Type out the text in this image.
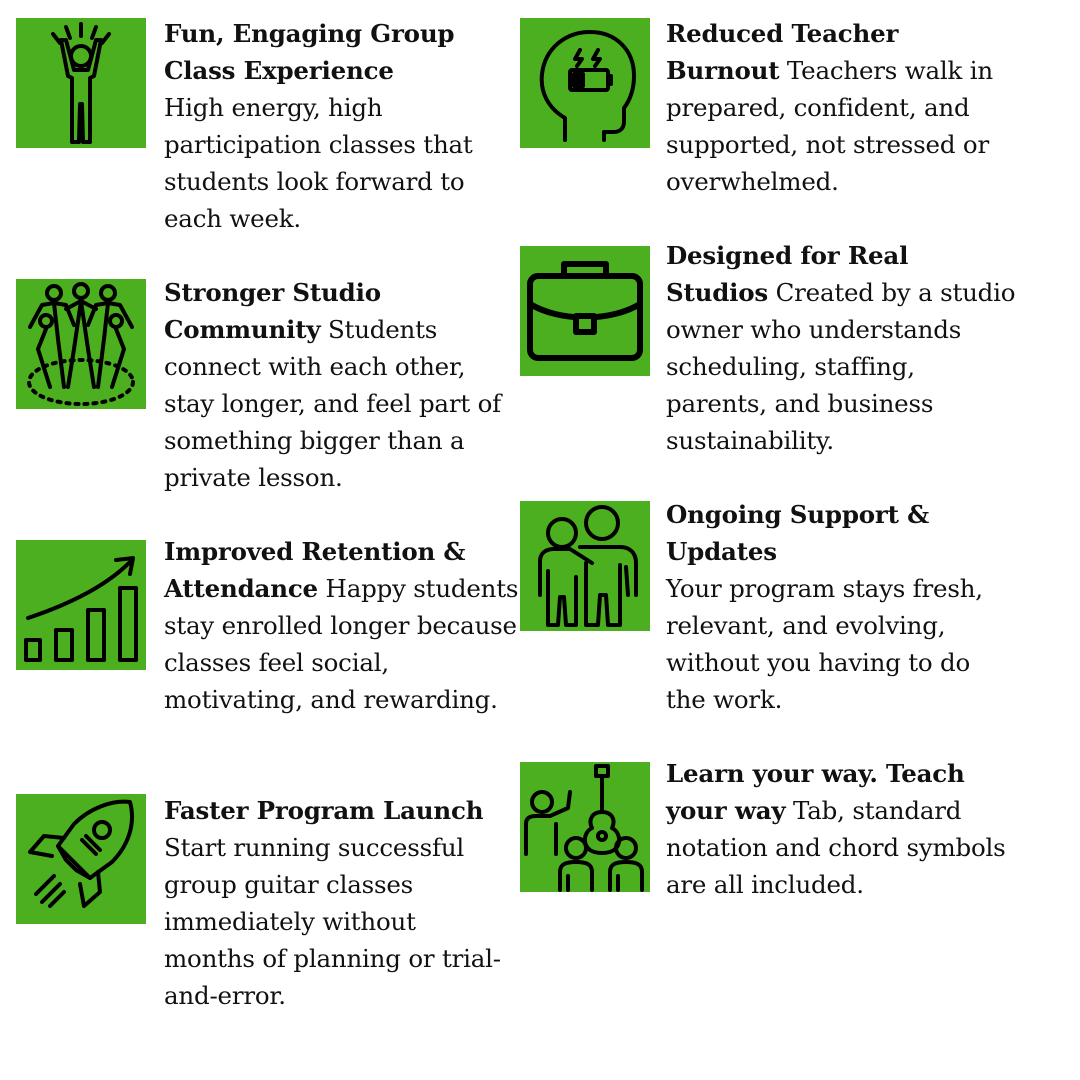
Fun, Engaging Group Class ExperienceHigh energy, high participation classes that students look forward to each week.
Reduced Teacher Burnout Teachers walk in prepared, confident, and supported, not stressed or overwhelmed.
Stronger Studio Community Students connect with each other, stay longer, and feel part of something bigger than a private lesson.
Designed for Real Studios Created by a studio owner who understands scheduling, staffing, parents, and business sustainability.
Improved Retention & Attendance Happy students stay enrolled longer because classes feel social, motivating, and rewarding.
Ongoing Support & UpdatesYour program stays fresh, relevant, and evolving, without you having to do the work.
Faster Program LaunchStart running successful group guitar classes immediately without months of planning or trial-and-error.
Learn your way. Teach your way Tab, standard notation and chord symbols are all included.
